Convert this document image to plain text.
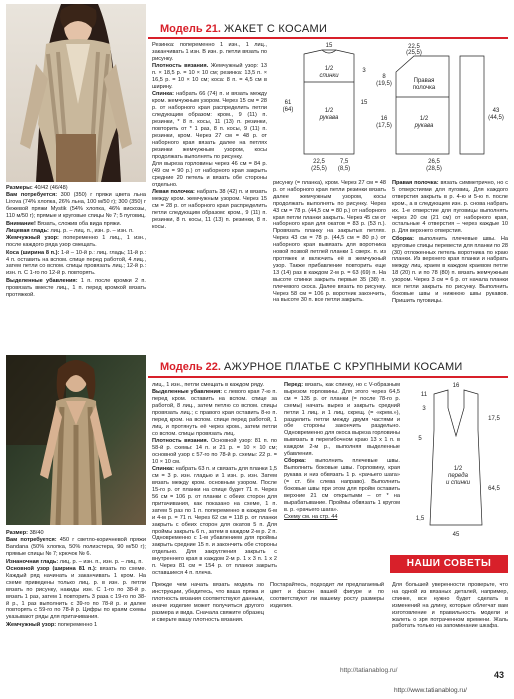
Модель 21. ЖАКЕТ С КОСАМИ

Размеры: 40/42 (46/48)

Вам потребуется: 300 (350) г пряжи цвета льна Lirova (74% хлопка, 26% льна, 100 м/50 г); 300 (350) г бежевой пряжи Mystik (54% хлопка, 46% вискозы, 110 м/50 г); прямые и круговые спицы № 7; 5 пуговиц.

Внимание! Вязать, сложив оба вида пряжи.

Лицевая гладь: лиц. р. – лиц. п., изн. р. – изн. п.

Жемчужный узор: попеременно 1 лиц., 1 изн., после каждого ряда узор смещать.

Коса (ширина 8 п.): 1-й – 10-й р.: лиц. гладь; 11-й р.: 4 п. оставить на вспом. спице перед работой, 4 лиц., затем петли со вспом. спицы провязать лиц.; 12-й р.: изн. п. С 1-го по 12-й р. повторять.

Выделенные убавления: 1 п. после кромки 2 п. провязать вместе лиц., 1 п. перед кромкой вязать протяжкой.

Резинка: попеременно 1 изн., 1 лиц., заканчивать 1 изн. В изн. р. петли вязать по рисунку.

Плотность вязания. Жемчужный узор: 13 п. × 18,5 р. = 10 × 10 см; резинка: 13,5 п. × 16,5 р. = 10 × 10 см; коса: 8 п. = 4,5 см в ширину.

Спинка: набрать 66 (74) п. и вязать между кром. жемчужным узором. Через 15 см = 28 р. от наборного края распределить петли следующим образом: кром., 9 (11) п. резинки, * 8 п. косы, 11 (13) п. резинки, повторить от * 1 раз, 8 п. косы, 9 (11) п. резинки, кром. Через 27 см = 48 р. от наборного края вязать далее на петлях резинки жемчужным узором, косы продолжать выполнять по рисунку.

Для выреза горловины через 46 см = 84 р. (49 см = 90 р.) от наборного края закрыть средние 20 петель и вязать обе стороны отдельно.

Левая полочка: набрать 38 (42) п. и вязать между кром. жемчужным узором. Через 15 см = 28 р. от наборного края распределить петли следующим образом: кром., 9 (11) п. резинки, 8 п. косы, 11 (13) п. резинки, 8 п. косы.

рисунку (= планка), кром. Через 27 см = 48 р. от наборного края петли резинки вязать далее жемчужным узором, косы продолжать выполнять по рисунку. Через 43 см = 78 р. (44,5 см = 80 р.) от наборного края петли планки закрыть. Через 45 см от наборного края для окатов = 83 р. (53 п.). Провязать планку на закрытых петлях. Через 43 см = 78 р. (44,5 см = 80 р.) от наборного края вывязать для воротника новой позвой петлей планки 1 сверх. п. из протяжек и включить её в жемчужный узор. Также прибавление повторить еще 13 (14) раз в каждом 2-м р. = 63 (69) п. На высоте спинки закрыть первые 35 (38) п. плечевого скоса. Далее вязать по рисунку. Через 58 см = 106 р. воротник закончить, на высоте 30 п. все петли закрыть.

Правая полочка: вязать симметрично, но с 5 отверстиями для пуговиц. Для каждого отверстия закрыть в р. 4-ю и 5-ю п. после кром., а в следующем изн. р. снова набрать их. 1-е отверстие для пуговицы выполнять через 20 см (21 см) от наборного края, остальные 4 отверстия – через каждые 10 р. Для верхнего отверстия.

Сборка: выполнить плечевые швы. На круговые спицы перевести для планки по 28 (30) отложенных петель воротника по краю планки. Из верхнего края планки и набрать между лиц. краем в каждом краевом петле 18 (20) п. и по 78 (80) п. вязать жемчужным узором. Через 3 см = 6 р. от начала планки все петли закрыть по рисунку. Выполнить боковые швы и нижнюю швы рукавов. Пришить пуговицы.

1/2
спинки
1/2
рукава
15
61
(64)
22,5
(25,5)
7,5
(8,5)
15
3
Правая
полочка
1/2
рукава
22,5
(25,5)
8
(19,5)
16
(17,5)
43
(44,5)
26,5
(28,5)
Модель 22. АЖУРНОЕ ПЛАТЬЕ С КРУПНЫМИ КОСАМИ

Размер: 38/40

Вам потребуется: 450 г светло-коричневой пряжи Bandana (50% хлопка, 50% полиэстера, 90 м/50 г); прямые спицы № 7; крючок № 6.

Изнаночная гладь: лиц. р. – изн. п., изн. р. – лиц. п.

Основной узор (ширина 81 п.): вязать по схеме. Каждый ряд начинать и заканчивать 1 кром. На схеме приведены только лиц. р. в изн. р. петли вязать по рисунку, накиды изн. С 1-го по 38-й р. вязать 1 раз, затем 1 повторить 3 раза с 19-го по 38-й р., 1 раз выполнить с 39-го по 78-й р. и далее повторять с 59-го по 78-й р. Цифры по краям схемы указывают ряды для притачивания.

Жемчужный узор: попеременно 1

лиц., 1 изн., петли смещать в каждом ряду.

Выделенные убавления: с левого края 7-ю п. перед кром. оставить на вспом. спице за работой, 8 лиц., затем петлю со вспом. спицы провязать лиц.; с правого края оставить 8-ю п. перед кром. на вспом. спице перед работой, 1 лиц. и протянуть её через кром., затем петли со вспом. спицы провязать лиц.

Плотность вязания. Основной узор: 81 п. по 58-й р. схемы: 14 п. и 21 р. = 10 × 10 см; основной узор с 57-го по 78-й р. схемы: 22 р. = 10 × 10 см.

Спинка: набрать 63 п. и связать для планки 1,5 см = 3 р. изн. гладью и 1 изн. р. изн. Затем вязать между кром. основным узором. После 15-го р. от планки на спице будет 71 п. Через 56 см = 106 р. от планки с обеих сторон для притачивания, как показано на схеме, 1 п. затем 5 раз по 1 п. попеременно в каждом 6-м и 4-м р. = 71 п. Через 62 см = 118 р. от планки закрыть с обеих сторон для окатов 5 п. Для проймы закрыть 6 п., затем в каждом 2-м р. 2 п. Одновременно с 1-м убавлением для проймы закрыть средние 15 п. и закончить обе стороны отдельно. Для закругления закрыть с внутреннего края в каждом 2-м р. 1 х 3 п. 1 х 2 п. Через 81 см = 154 р. от планки закрыть оставшиеся 4 п. плеча.

Перед: вязать, как спинку, но с V-образным вырезом горловины. Для этого через 64,5 см = 135 р. от планки (= после 78-го р. схемы) начать вырез и закрыть средний петли 1 лиц. и 1 лиц. скрещ. (= «крем.»), разделить петли между двумя частями и обе стороны закончить раздельно. Одновременно для окоса выреза горловины вывязать в перегибочном краю 13 х 1 п. в каждом 2-м р., выполняя выделенные убавления.

Сборка: выполнить плечевые швы. Выполнить боковые швы. Горловину, края рукава и низ обвязать 1 р. «рачьего шага» (= ст. б/н слева направо). Выполнить боковые швы при этом для пройм оставить верхние 21 см открытыми – от * на вырабатывание. Проймы обвязать 1 кругом в. р. «рачьего шага».

Схему см. на стр. 44

16
11
3
1/2
переда
и спинки
17,5
64,5
45
5
1,5
НАШИ СОВЕТЫ

Прежде чем начать вязать модель по инструкции, убедитесь, что ваша пряжа и плотность вязания соответствуют данным, иначе изделие может получиться другого размера и вида. Сначала свяжите образец и сверьте вашу плотность вязания.

Постарайтесь, подходит ли предлагаемый цвет и фасон вашей фигуре и по соответствуют ли вашему росту размеры изделия.

Для большей уверенности проверьте, что на одной из вязаных деталей, например, спинке, все нужно будет сделать в изменений на длину, которые облегчат вам изготовление и правильность модели и жалеть о зря потраченном времени. Жаль работать только на запоминание шкафа.

http://tatianablog.ru/	43
http://www.tatianablog.ru/
